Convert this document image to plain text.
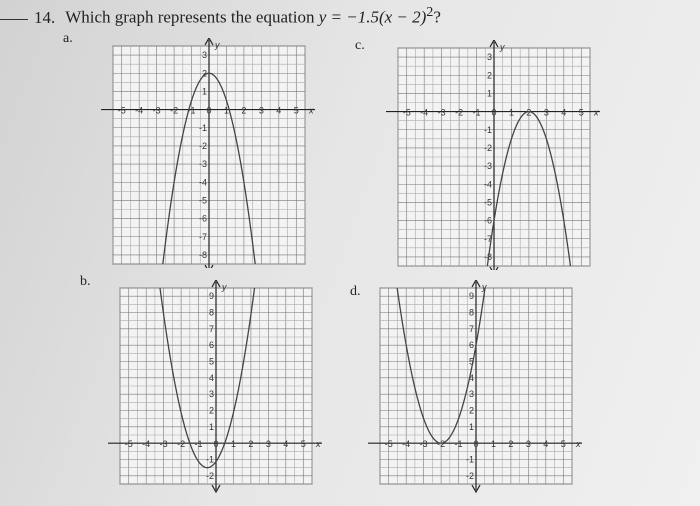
14. Which graph represents the equation $y = -1.5(x - 2)^2$?
a.
b.
c.
d.
-5 -4 -3 -2 -1 0 1 2 3 4 5
3
2
1
-1
-2
-3
-4
-5
-6
-7
-8
x
y
-5 -4 -3 -2 -1 0 1 2 3 4 5
9
8
7
6
5
4
3
2
1
-1
-2
x
y
-5 -4 -3 -2 -1 0 1 2 3 4 5
3
2
1
-1
-2
-3
-4
-5
-6
-7
-8
x
y
-5 -4 -3 -2 -1 0 1 2 3 4 5
9
8
7
6
5
4
3
2
1
-1
-2
x
y
